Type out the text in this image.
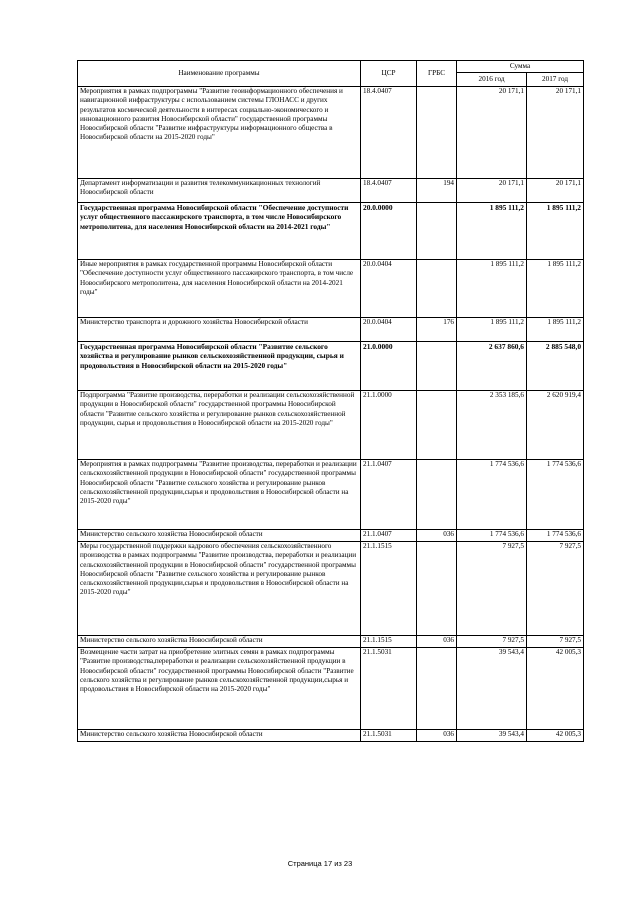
Наименование программы	ЦСР	ГРБС	Сумма	
			2016 год	2017 год
Мероприятия в рамках подпрограммы "Развитие геоинформационного обеспечения и навигационной инфраструктуры с использованием системы ГЛОНАСС и других результатов космической деятельности в интересах социально-экономического и инновационного развития Новосибирской области" государственной программы Новосибирской области "Развитие инфраструктуры информационного общества в Новосибирской области на 2015-2020 годы"	18.4.0407		20 171,1	20 171,1
Департамент информатизации и развития телекоммуникационных технологий Новосибирской области	18.4.0407	194	20 171,1	20 171,1
Государственная программа Новосибирской области "Обеспечение доступности услуг общественного пассажирского транспорта, в том числе Новосибирского метрополитена, для населения Новосибирской области на 2014-2021 годы"	20.0.0000		1 895 111,2	1 895 111,2
Иные мероприятия в рамках государственной программы Новосибирской области "Обеспечение доступности услуг общественного пассажирского транспорта, в том числе Новосибирского метрополитена, для населения Новосибирской области на 2014-2021 годы"	20.0.0404		1 895 111,2	1 895 111,2
Министерство транспорта и дорожного хозяйства Новосибирской области	20.0.0404	176	1 895 111,2	1 895 111,2
Государственная программа Новосибирской области "Развитие сельского хозяйства и регулирование рынков сельскохозяйственной продукции, сырья и продовольствия в Новосибирской области на 2015-2020 годы"	21.0.0000		2 637 860,6	2 885 548,0
Подпрограмма "Развитие производства, переработки и реализации сельскохозяйственной продукции в Новосибирской области" государственной программы Новосибирской области "Развитие сельского хозяйства и регулирование рынков сельскохозяйственной продукции, сырья и продовольствия в Новосибирской области на 2015-2020 годы"	21.1.0000		2 353 185,6	2 620 919,4
Мероприятия в рамках подпрограммы "Развитие производства, переработки и реализации сельскохозяйственной продукции в Новосибирской области" государственной программы Новосибирской области "Развитие сельского хозяйства и регулирование рынков сельскохозяйственной продукции,сырья и продовольствия в Новосибирской области на 2015-2020 годы"	21.1.0407		1 774 536,6	1 774 536,6
Министерство сельского хозяйства Новосибирской области	21.1.0407	036	1 774 536,6	1 774 536,6
Меры государственной поддержки кадрового обеспечения сельскохозяйственного производства в рамках подпрограммы "Развитие производства, переработки и реализации сельскохозяйственной продукции в Новосибирской области" государственной программы Новосибирской области "Развитие сельского хозяйства и регулирование рынков сельскохозяйственной продукции,сырья и продовольствия в Новосибирской области на 2015-2020 годы"	21.1.1515		7 927,5	7 927,5
Министерство сельского хозяйства Новосибирской области	21.1.1515	036	7 927,5	7 927,5
Возмещение части затрат на приобретение элитных семян в рамках подпрограммы "Развитие производства,переработки и реализации сельскохозяйственной продукции в Новосибирской области" государственной программы Новосибирской области "Развитие сельского хозяйства и регулирование рынков сельскохозяйственной продукции,сырья и продовольствия в Новосибирской области на 2015-2020 годы"	21.1.5031		39 543,4	42 005,3
Министерство сельского хозяйства Новосибирской области	21.1.5031	036	39 543,4	42 005,3
Страница 17 из 23
